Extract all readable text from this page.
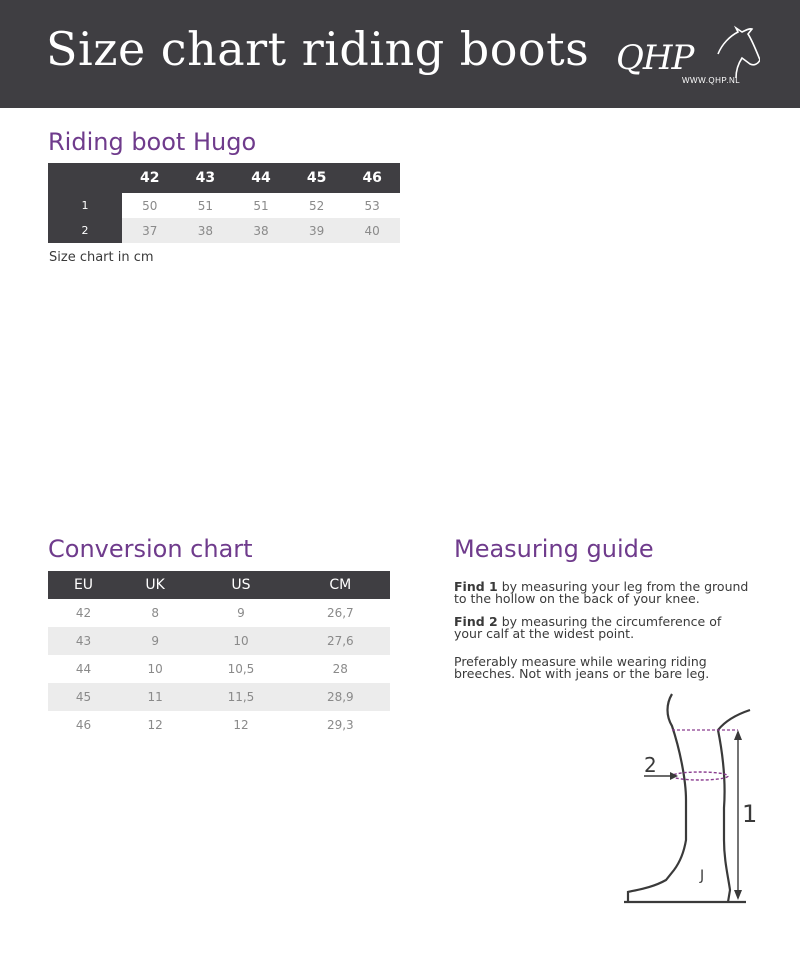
Size chart riding boots QHP
WWW.QHP.NL
Riding boot Hugo
	42	43	44	45	46
1	50	51	51	52	53
2	37	38	38	39	40
Size chart in cm
Conversion chart
EU	UK	US	CM
42	8	9	26,7
43	9	10	27,6
44	10	10,5	28
45	11	11,5	28,9
46	12	12	29,3
Measuring guide
Find 1 by measuring your leg from the ground
to the hollow on the back of your knee.
Find 2 by measuring the circumference of
your calf at the widest point.
Preferably measure while wearing riding
breeches. Not with jeans or the bare leg.
2
1
J
